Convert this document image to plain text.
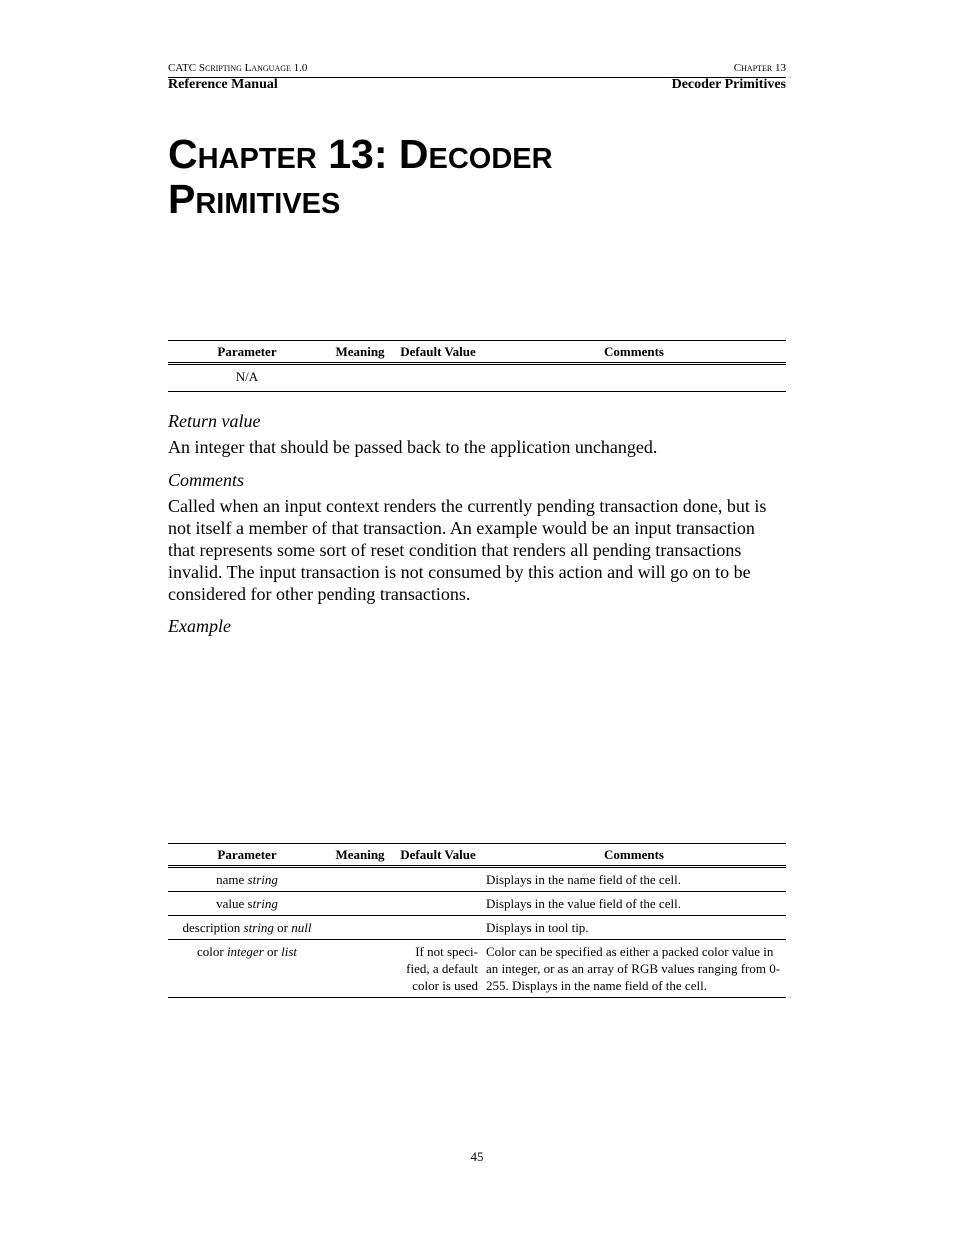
CATC Scripting Language 1.0	Chapter 13
Reference Manual	Decoder Primitives
Chapter 13: Decoder
Primitives
Parameter	Meaning	Default Value	Comments
N/A			

Return value

An integer that should be passed back to the application unchanged.

Comments

Called when an input context renders the currently pending transaction done, but is not itself a member of that transaction. An example would be an input transaction that represents some sort of reset condition that renders all pending transactions invalid. The input transaction is not consumed by this action and will go on to be considered for other pending transactions.

Example

Parameter	Meaning	Default Value	Comments
name string			Displays in the name field of the cell.
value string			Displays in the value field of the cell.
description string or null			Displays in tool tip.
color integer or list		If not speci-fied, a default color is used	Color can be specified as either a packed color value in an integer, or as an array of RGB values ranging from 0-255. Displays in the name field of the cell.
45
